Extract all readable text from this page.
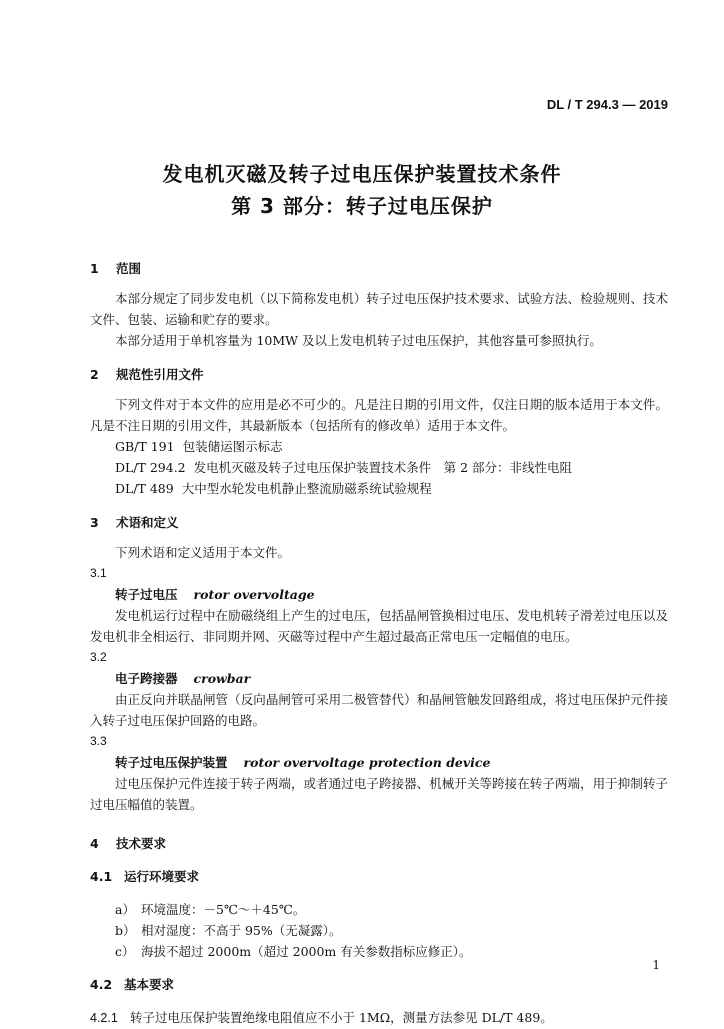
DL / T 294.3 — 2019
发电机灭磁及转子过电压保护装置技术条件
第 3 部分：转子过电压保护
1 范围

本部分规定了同步发电机（以下简称发电机）转子过电压保护技术要求、试验方法、检验规则、技术文件、包装、运输和贮存的要求。

本部分适用于单机容量为 10MW 及以上发电机转子过电压保护，其他容量可参照执行。

2 规范性引用文件

下列文件对于本文件的应用是必不可少的。凡是注日期的引用文件，仅注日期的版本适用于本文件。凡是不注日期的引用文件，其最新版本（包括所有的修改单）适用于本文件。

GB/T 191 包装储运图示标志
DL/T 294.2 发电机灭磁及转子过电压保护装置技术条件　第 2 部分：非线性电阻
DL/T 489 大中型水轮发电机静止整流励磁系统试验规程
3 术语和定义

下列术语和定义适用于本文件。

3.1
转子过电压 rotor overvoltage

发电机运行过程中在励磁绕组上产生的过电压，包括晶闸管换相过电压、发电机转子滑差过电压以及发电机非全相运行、非同期并网、灭磁等过程中产生超过最高正常电压一定幅值的电压。

3.2
电子跨接器 crowbar

由正反向并联晶闸管（反向晶闸管可采用二极管替代）和晶闸管触发回路组成，将过电压保护元件接入转子过电压保护回路的电路。

3.3
转子过电压保护装置 rotor overvoltage protection device

过电压保护元件连接于转子两端，或者通过电子跨接器、机械开关等跨接在转子两端，用于抑制转子过电压幅值的装置。

4 技术要求
4.1 运行环境要求
a） 环境温度：－5℃～＋45℃。
b） 相对湿度：不高于 95%（无凝露）。
c） 海拔不超过 2000m（超过 2000m 有关参数指标应修正）。
4.2 基本要求

4.2.1 转子过电压保护装置绝缘电阻值应不小于 1MΩ，测量方法参见 DL/T 489。

1
